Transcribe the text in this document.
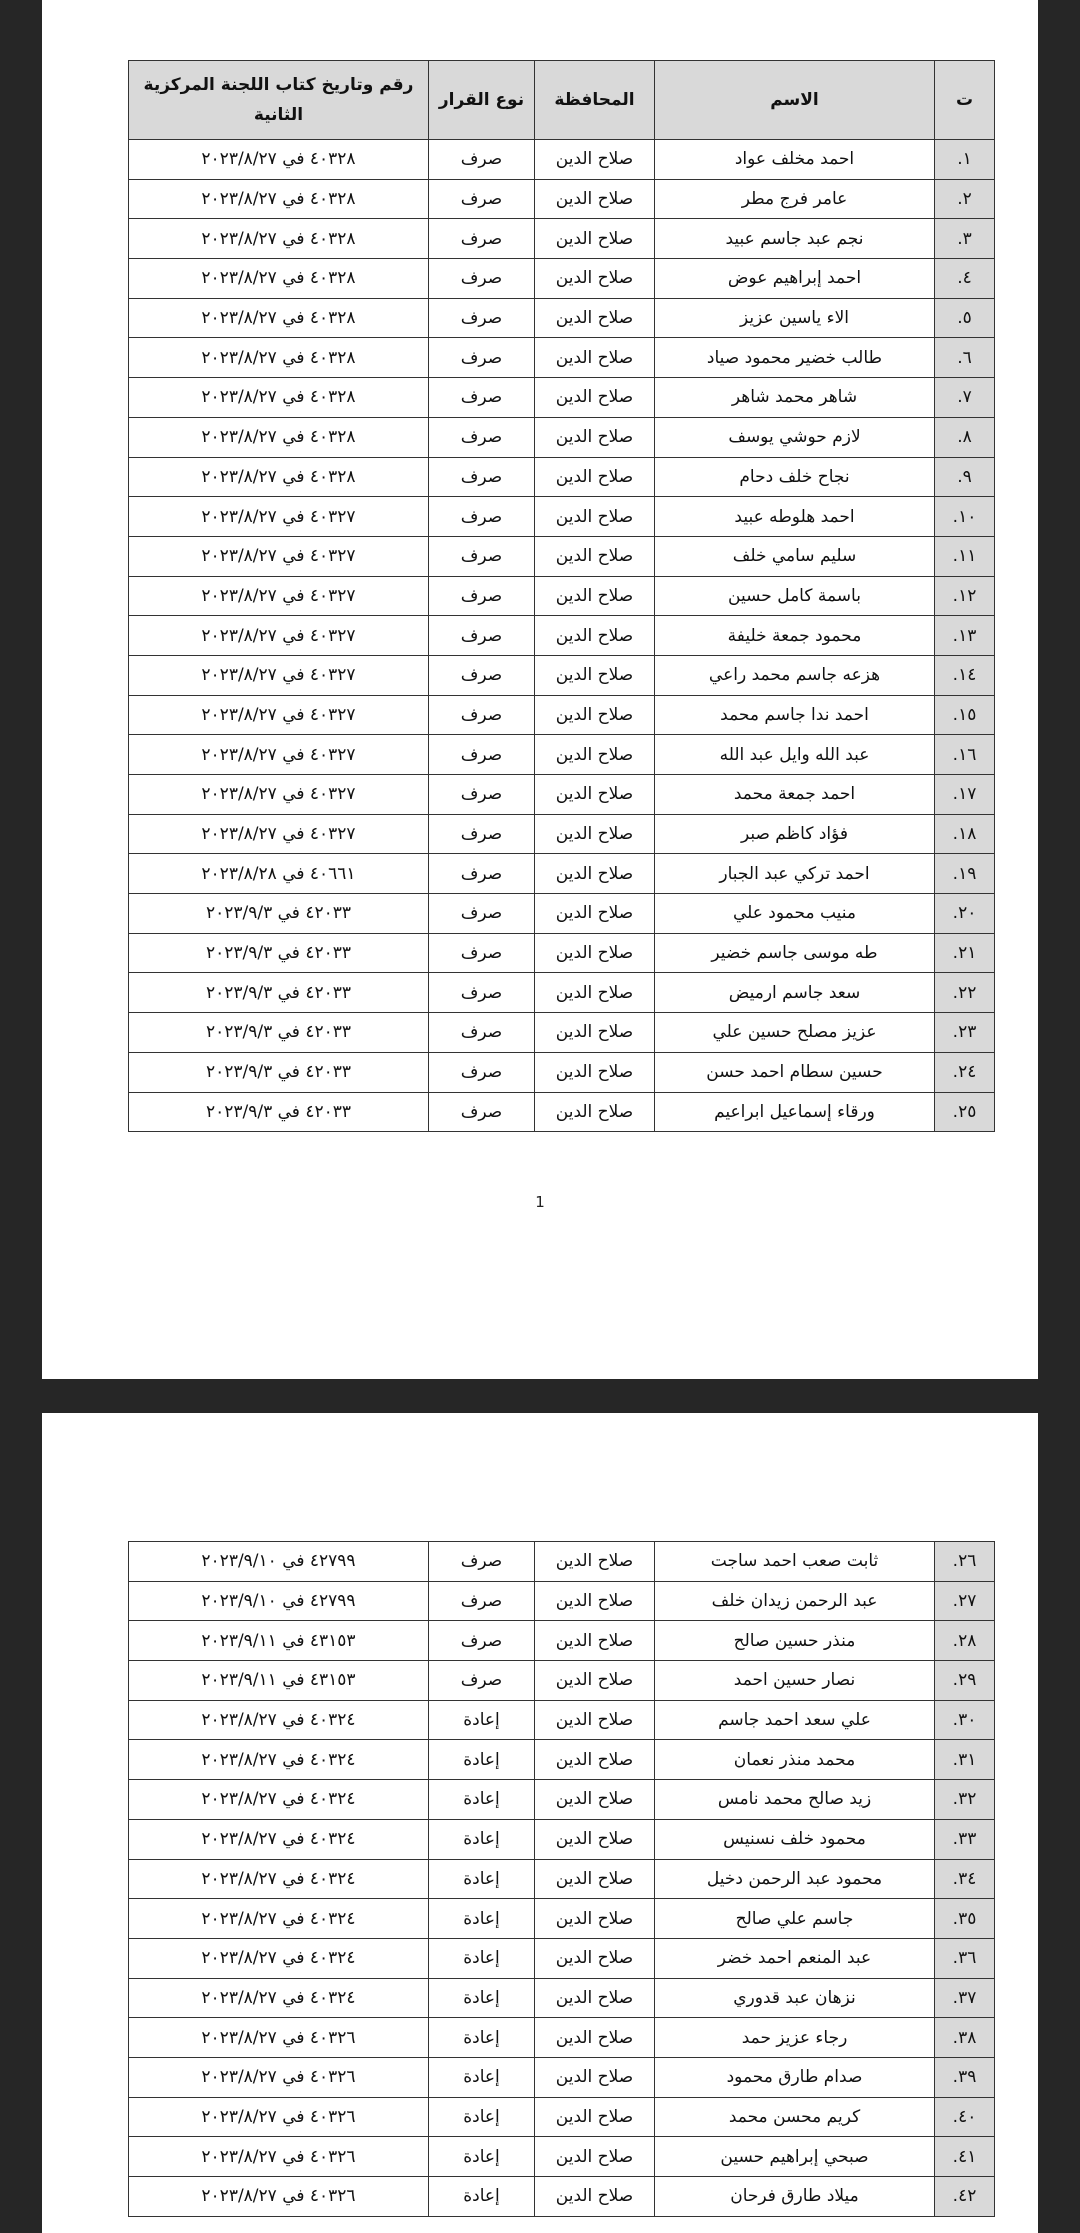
ت	الاسم	المحافظة	نوع القرار	رقم وتاريخ كتاب اللجنة المركزية الثانية
١.	احمد مخلف عواد	صلاح الدين	صرف	٤٠٣٢٨ في ٢٠٢٣/٨/٢٧
٢.	عامر فرج مطر	صلاح الدين	صرف	٤٠٣٢٨ في ٢٠٢٣/٨/٢٧
٣.	نجم عبد جاسم عبيد	صلاح الدين	صرف	٤٠٣٢٨ في ٢٠٢٣/٨/٢٧
٤.	احمد إبراهيم عوض	صلاح الدين	صرف	٤٠٣٢٨ في ٢٠٢٣/٨/٢٧
٥.	الاء ياسين عزيز	صلاح الدين	صرف	٤٠٣٢٨ في ٢٠٢٣/٨/٢٧
٦.	طالب خضير محمود صياد	صلاح الدين	صرف	٤٠٣٢٨ في ٢٠٢٣/٨/٢٧
٧.	شاهر محمد شاهر	صلاح الدين	صرف	٤٠٣٢٨ في ٢٠٢٣/٨/٢٧
٨.	لازم حوشي يوسف	صلاح الدين	صرف	٤٠٣٢٨ في ٢٠٢٣/٨/٢٧
٩.	نجاح خلف دحام	صلاح الدين	صرف	٤٠٣٢٨ في ٢٠٢٣/٨/٢٧
١٠.	احمد هلوطه عبيد	صلاح الدين	صرف	٤٠٣٢٧ في ٢٠٢٣/٨/٢٧
١١.	سليم سامي خلف	صلاح الدين	صرف	٤٠٣٢٧ في ٢٠٢٣/٨/٢٧
١٢.	باسمة كامل حسين	صلاح الدين	صرف	٤٠٣٢٧ في ٢٠٢٣/٨/٢٧
١٣.	محمود جمعة خليفة	صلاح الدين	صرف	٤٠٣٢٧ في ٢٠٢٣/٨/٢٧
١٤.	هزعه جاسم محمد راعي	صلاح الدين	صرف	٤٠٣٢٧ في ٢٠٢٣/٨/٢٧
١٥.	احمد ندا جاسم محمد	صلاح الدين	صرف	٤٠٣٢٧ في ٢٠٢٣/٨/٢٧
١٦.	عبد الله وايل عبد الله	صلاح الدين	صرف	٤٠٣٢٧ في ٢٠٢٣/٨/٢٧
١٧.	احمد جمعة محمد	صلاح الدين	صرف	٤٠٣٢٧ في ٢٠٢٣/٨/٢٧
١٨.	فؤاد كاظم صبر	صلاح الدين	صرف	٤٠٣٢٧ في ٢٠٢٣/٨/٢٧
١٩.	احمد تركي عبد الجبار	صلاح الدين	صرف	٤٠٦٦١ في ٢٠٢٣/٨/٢٨
٢٠.	منيب محمود علي	صلاح الدين	صرف	٤٢٠٣٣ في ٢٠٢٣/٩/٣
٢١.	طه موسى جاسم خضير	صلاح الدين	صرف	٤٢٠٣٣ في ٢٠٢٣/٩/٣
٢٢.	سعد جاسم ارميض	صلاح الدين	صرف	٤٢٠٣٣ في ٢٠٢٣/٩/٣
٢٣.	عزيز مصلح حسين علي	صلاح الدين	صرف	٤٢٠٣٣ في ٢٠٢٣/٩/٣
٢٤.	حسين سطام احمد حسن	صلاح الدين	صرف	٤٢٠٣٣ في ٢٠٢٣/٩/٣
٢٥.	ورقاء إسماعيل ابراعيم	صلاح الدين	صرف	٤٢٠٣٣ في ٢٠٢٣/٩/٣
1
٢٦.	ثابت صعب احمد ساجت	صلاح الدين	صرف	٤٢٧٩٩ في ٢٠٢٣/٩/١٠
٢٧.	عبد الرحمن زيدان خلف	صلاح الدين	صرف	٤٢٧٩٩ في ٢٠٢٣/٩/١٠
٢٨.	منذر حسين صالح	صلاح الدين	صرف	٤٣١٥٣ في ٢٠٢٣/٩/١١
٢٩.	نصار حسين احمد	صلاح الدين	صرف	٤٣١٥٣ في ٢٠٢٣/٩/١١
٣٠.	علي سعد احمد جاسم	صلاح الدين	إعادة	٤٠٣٢٤ في ٢٠٢٣/٨/٢٧
٣١.	محمد منذر نعمان	صلاح الدين	إعادة	٤٠٣٢٤ في ٢٠٢٣/٨/٢٧
٣٢.	زيد صالح محمد نامس	صلاح الدين	إعادة	٤٠٣٢٤ في ٢٠٢٣/٨/٢٧
٣٣.	محمود خلف نسنيس	صلاح الدين	إعادة	٤٠٣٢٤ في ٢٠٢٣/٨/٢٧
٣٤.	محمود عبد الرحمن دخيل	صلاح الدين	إعادة	٤٠٣٢٤ في ٢٠٢٣/٨/٢٧
٣٥.	جاسم علي صالح	صلاح الدين	إعادة	٤٠٣٢٤ في ٢٠٢٣/٨/٢٧
٣٦.	عبد المنعم احمد خضر	صلاح الدين	إعادة	٤٠٣٢٤ في ٢٠٢٣/٨/٢٧
٣٧.	نزهان عبد قدوري	صلاح الدين	إعادة	٤٠٣٢٤ في ٢٠٢٣/٨/٢٧
٣٨.	رجاء عزيز حمد	صلاح الدين	إعادة	٤٠٣٢٦ في ٢٠٢٣/٨/٢٧
٣٩.	صدام طارق محمود	صلاح الدين	إعادة	٤٠٣٢٦ في ٢٠٢٣/٨/٢٧
٤٠.	كريم محسن محمد	صلاح الدين	إعادة	٤٠٣٢٦ في ٢٠٢٣/٨/٢٧
٤١.	صبحي إبراهيم حسين	صلاح الدين	إعادة	٤٠٣٢٦ في ٢٠٢٣/٨/٢٧
٤٢.	ميلاد طارق فرحان	صلاح الدين	إعادة	٤٠٣٢٦ في ٢٠٢٣/٨/٢٧
